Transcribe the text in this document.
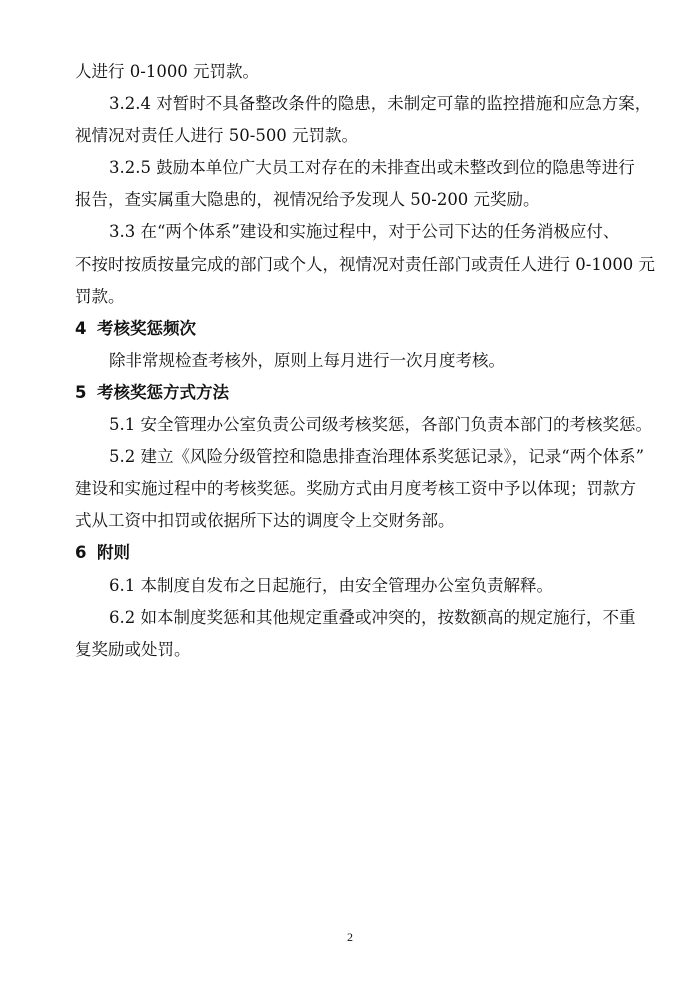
人进行 0-1000 元罚款。
3.2.4 对暂时不具备整改条件的隐患，未制定可靠的监控措施和应急方案，
视情况对责任人进行 50-500 元罚款。
3.2.5 鼓励本单位广大员工对存在的未排查出或未整改到位的隐患等进行
报告，查实属重大隐患的，视情况给予发现人 50-200 元奖励。
3.3 在“两个体系”建设和实施过程中，对于公司下达的任务消极应付、
不按时按质按量完成的部门或个人，视情况对责任部门或责任人进行 0-1000 元
罚款。
4 考核奖惩频次
除非常规检查考核外，原则上每月进行一次月度考核。
5 考核奖惩方式方法
5.1 安全管理办公室负责公司级考核奖惩，各部门负责本部门的考核奖惩。
5.2 建立《风险分级管控和隐患排查治理体系奖惩记录》，记录“两个体系”
建设和实施过程中的考核奖惩。奖励方式由月度考核工资中予以体现；罚款方
式从工资中扣罚或依据所下达的调度令上交财务部。
6 附则
6.1 本制度自发布之日起施行，由安全管理办公室负责解释。
6.2 如本制度奖惩和其他规定重叠或冲突的，按数额高的规定施行，不重
复奖励或处罚。
2
